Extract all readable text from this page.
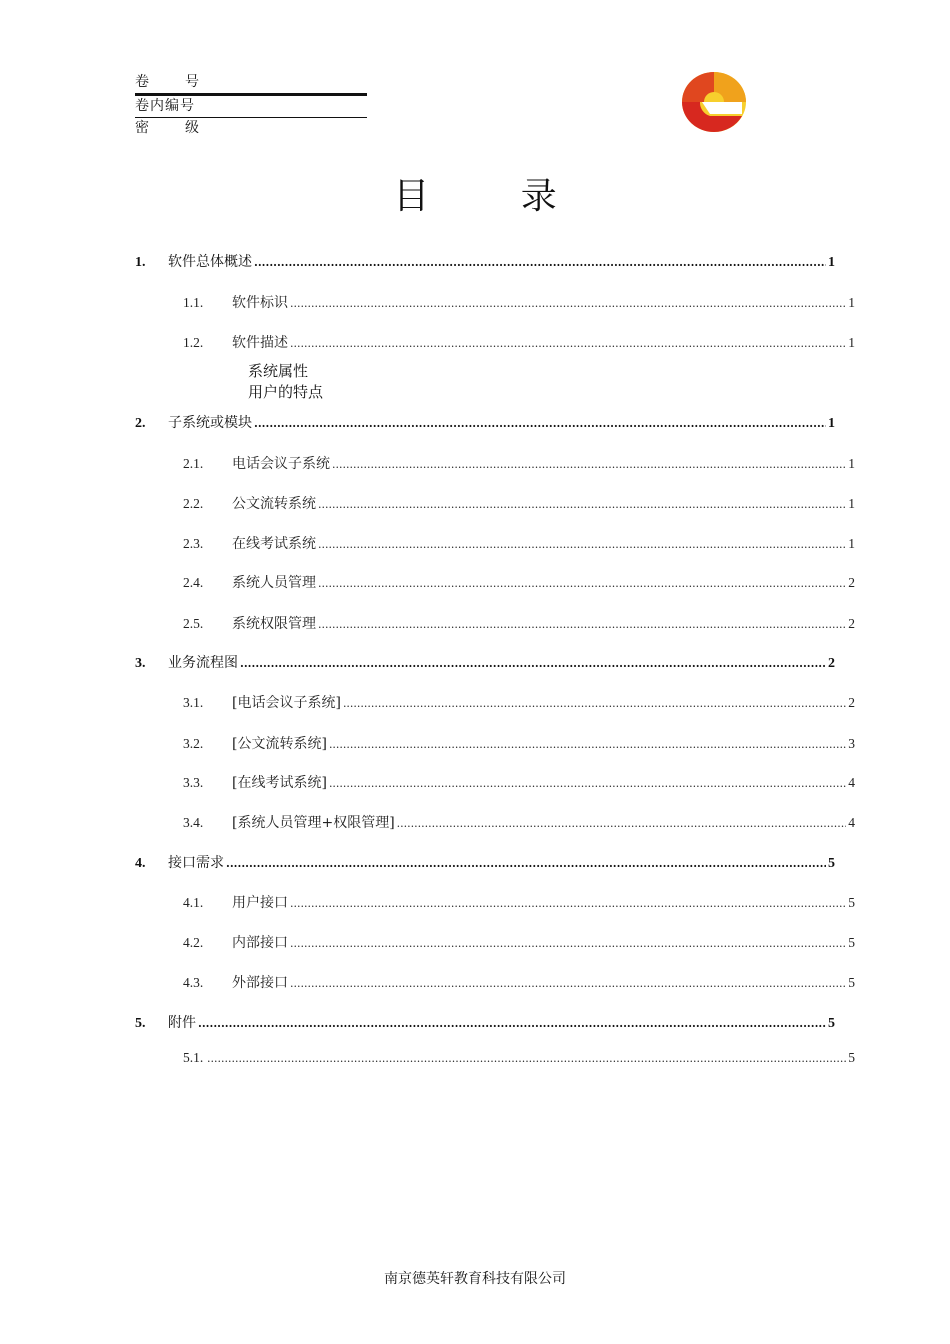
卷号
卷内编号
密级
目 录
1.	软件总体概述 .....	1
1.1.	软件标识 .....	1
1.2.	软件描述 .....	1
系统属性
用户的特点
2.	子系统或模块 .....	1
2.1.	电话会议子系统 .....	1
2.2.	公文流转系统 .....	1
2.3.	在线考试系统 .....	1
2.4.	系统人员管理 .....	2
2.5.	系统权限管理 .....	2
3.	业务流程图 .....	2
3.1.	[电话会议子系统] .....	2
3.2.	[公文流转系统] .....	3
3.3.	[在线考试系统] .....	4
3.4.	[系统人员管理+权限管理] .....	4
4.	接口需求 .....	5
4.1.	用户接口 .....	5
4.2.	内部接口 .....	5
4.3.	外部接口 .....	5
5.	附件 .....	5
5.1. .....	5
南京德英轩教育科技有限公司
